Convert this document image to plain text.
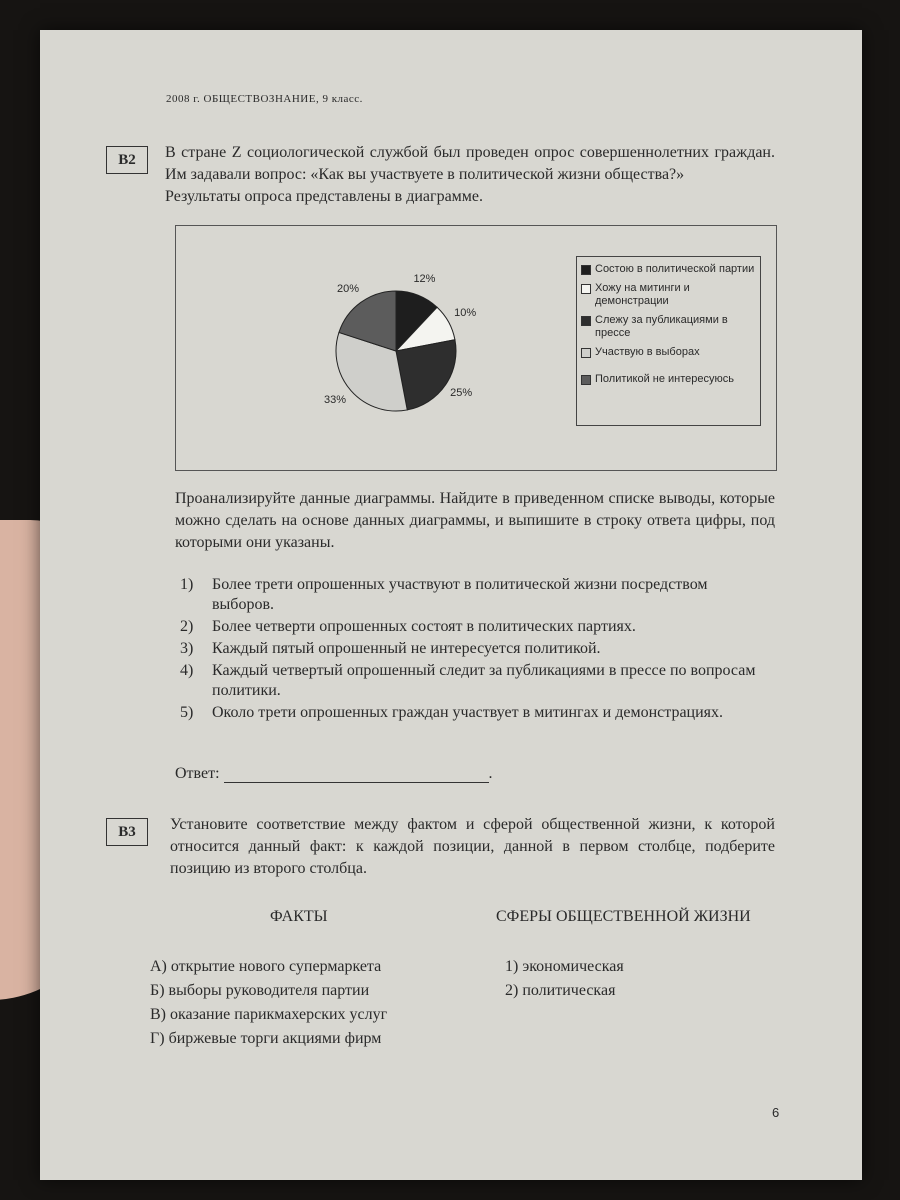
2008 г. ОБЩЕСТВОЗНАНИЕ, 9 класс.
B2	В стране Z социологической службой был проведен опрос совершеннолетних граждан. Им задавали вопрос: «Как вы участвуете в политической жизни общества?»
Результаты опроса представлены в диаграмме.
12%
10%
25%
33%
20%
Состою в политической партии
Хожу на митинги и демонстрации
Слежу за публикациями в прессе
Участвую в выборах
Политикой не интересуюсь
Проанализируйте данные диаграммы. Найдите в приведенном списке выводы, которые можно сделать на основе данных диаграммы, и выпишите в строку ответа цифры, под которыми они указаны.
1)	Более трети опрошенных участвуют в политической жизни посредством выборов.
2)	Более четверти опрошенных состоят в политических партиях.
3)	Каждый пятый опрошенный не интересуется политикой.
4)	Каждый четвертый опрошенный следит за публикациями в прессе по вопросам политики.
5)	Около трети опрошенных граждан участвует в митингах и демонстрациях.
Ответ:	.
B3	Установите соответствие между фактом и сферой общественной жизни, к которой относится данный факт: к каждой позиции, данной в первом столбце, подберите позицию из второго столбца.
ФАКТЫ	СФЕРЫ ОБЩЕСТВЕННОЙ ЖИЗНИ
А) открытие нового супермаркета
Б) выборы руководителя партии
В) оказание парикмахерских услуг
Г) биржевые торги акциями фирм
1) экономическая
2) политическая
6
